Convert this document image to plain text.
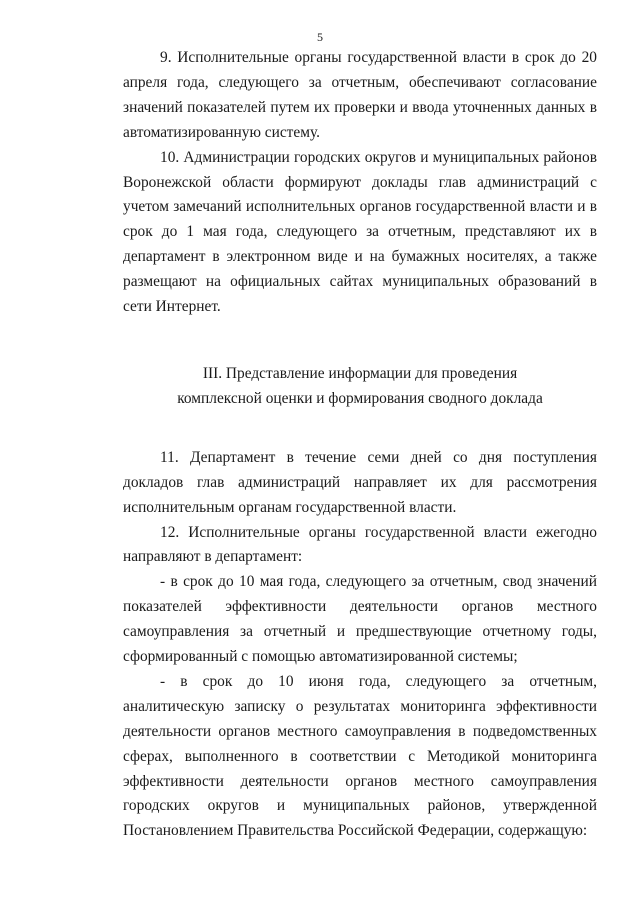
5

9. Исполнительные органы государственной власти в срок до 20 апреля года, следующего за отчетным, обеспечивают согласование значений показателей путем их проверки и ввода уточненных данных в автоматизированную систему.

10. Администрации городских округов и муниципальных районов Воронежской области формируют доклады глав администраций с учетом замечаний исполнительных органов государственной власти и в срок до 1 мая года, следующего за отчетным, представляют их в департамент в электронном виде и на бумажных носителях, а также размещают на официальных сайтах муниципальных образований в сети Интернет.

III. Представление информации для проведения
комплексной оценки и формирования сводного доклада

11. Департамент в течение семи дней со дня поступления докладов глав администраций направляет их для рассмотрения исполнительным органам государственной власти.

12. Исполнительные органы государственной власти ежегодно направляют в департамент:

- в срок до 10 мая года, следующего за отчетным, свод значений показателей эффективности деятельности органов местного самоуправления за отчетный и предшествующие отчетному годы, сформированный с помощью автоматизированной системы;

- в срок до 10 июня года, следующего за отчетным, аналитическую записку о результатах мониторинга эффективности деятельности органов местного самоуправления в подведомственных сферах, выполненного в соответствии с Методикой мониторинга эффективности деятельности органов местного самоуправления городских округов и муниципальных районов, утвержденной Постановлением Правительства Российской Федерации, содержащую:
